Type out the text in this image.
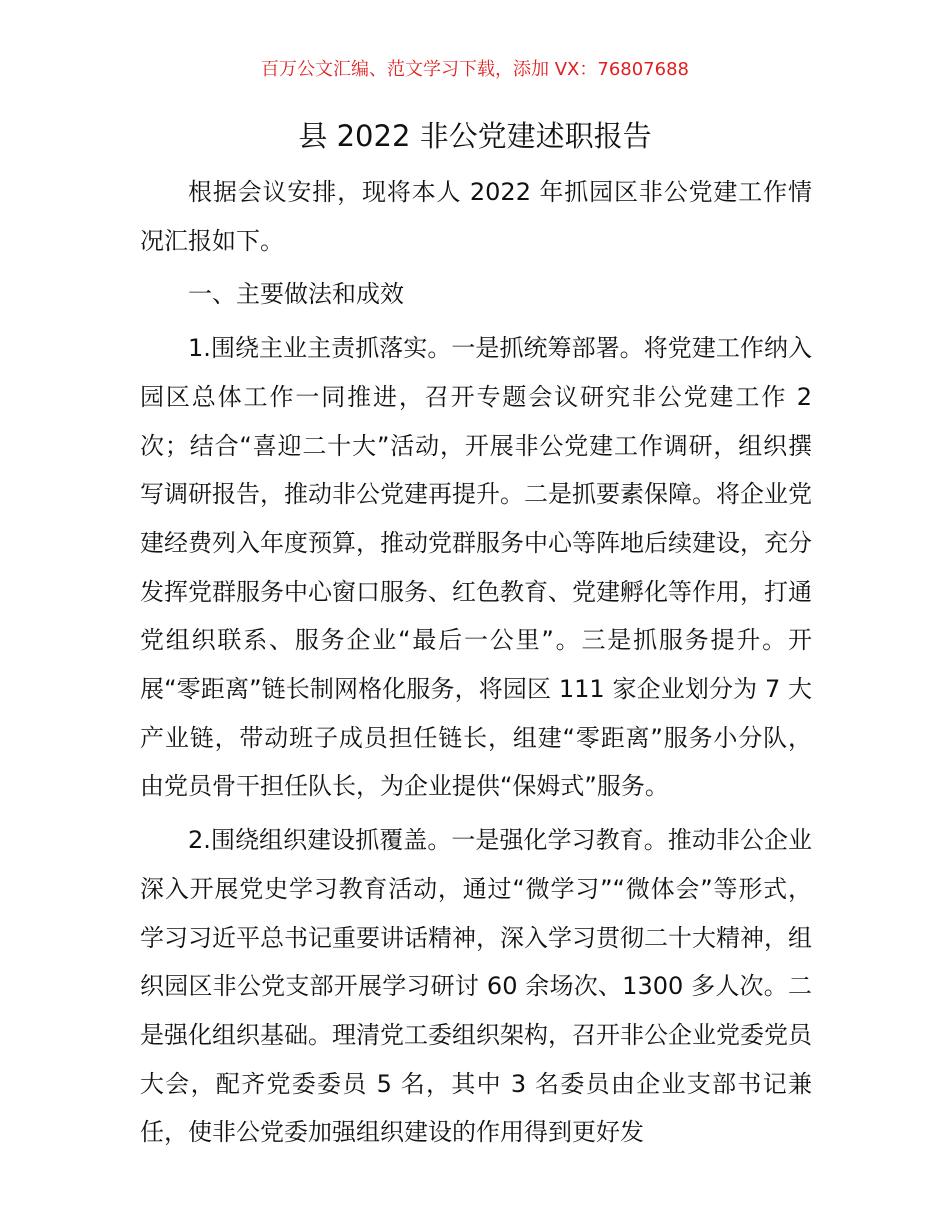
百万公文汇编、范文学习下载，添加 VX：76807688
县 2022 非公党建述职报告

根据会议安排，现将本人 2022 年抓园区非公党建工作情况汇报如下。

一、主要做法和成效

1.围绕主业主责抓落实。一是抓统筹部署。将党建工作纳入园区总体工作一同推进，召开专题会议研究非公党建工作 2 次；结合“喜迎二十大”活动，开展非公党建工作调研，组织撰写调研报告，推动非公党建再提升。二是抓要素保障。将企业党建经费列入年度预算，推动党群服务中心等阵地后续建设，充分发挥党群服务中心窗口服务、红色教育、党建孵化等作用，打通党组织联系、服务企业“最后一公里”。三是抓服务提升。开展“零距离”链长制网格化服务，将园区 111 家企业划分为 7 大产业链，带动班子成员担任链长，组建“零距离”服务小分队，由党员骨干担任队长，为企业提供“保姆式”服务。

2.围绕组织建设抓覆盖。一是强化学习教育。推动非公企业深入开展党史学习教育活动，通过“微学习”“微体会”等形式，学习习近平总书记重要讲话精神，深入学习贯彻二十大精神，组织园区非公党支部开展学习研讨 60 余场次、1300 多人次。二是强化组织基础。理清党工委组织架构，召开非公企业党委党员大会，配齐党委委员 5 名，其中 3 名委员由企业支部书记兼任，使非公党委加强组织建设的作用得到更好发
